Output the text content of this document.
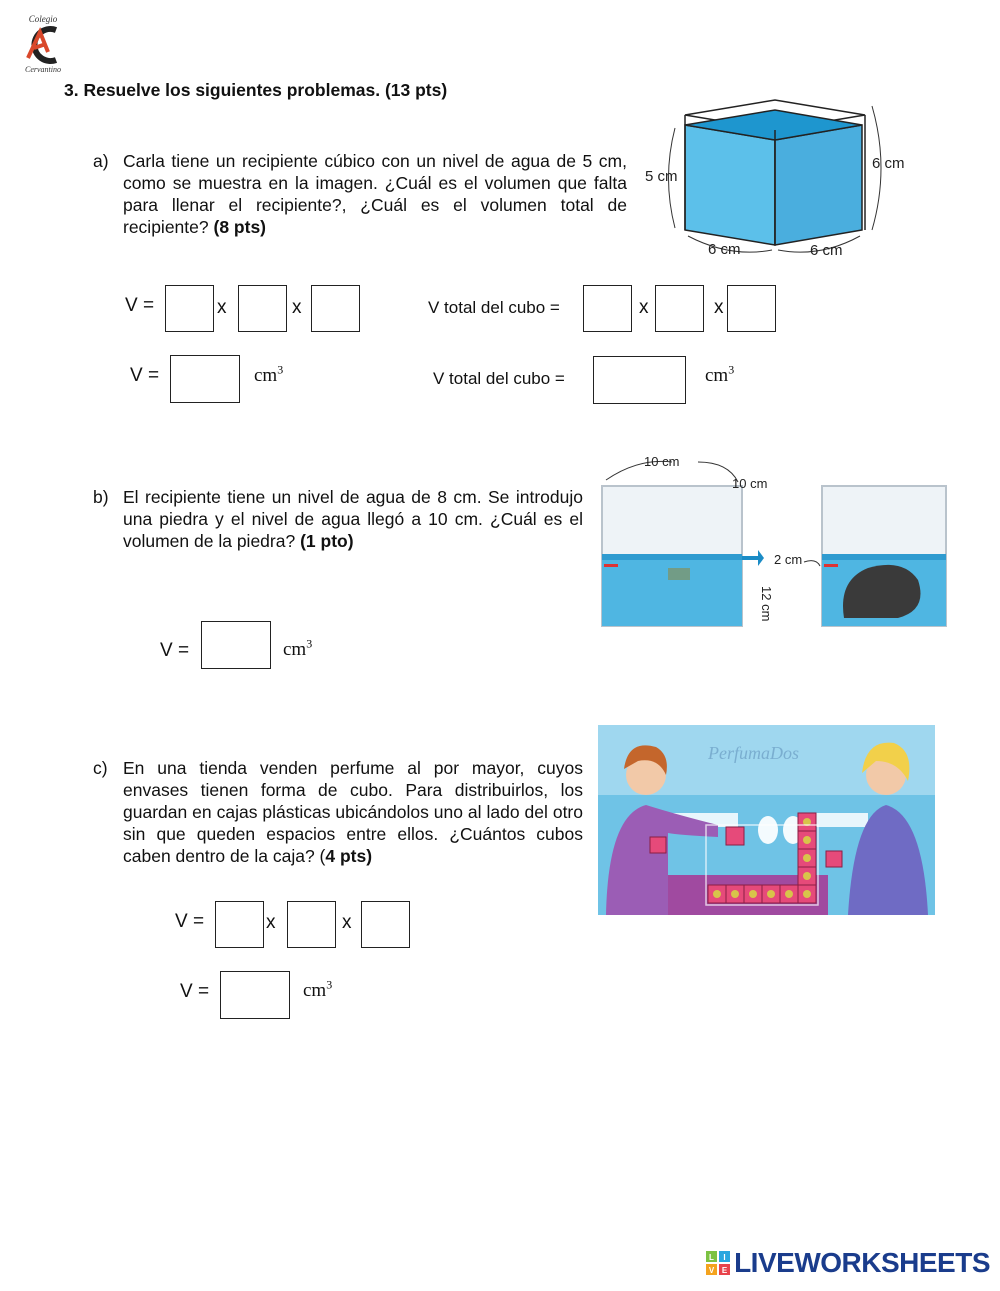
Colegio
Cervantino
3. Resuelve los siguientes problemas. (13 pts)
a) Carla tiene un recipiente cúbico con un nivel de agua de 5 cm, como se muestra en la imagen. ¿Cuál es el volumen que falta para llenar el recipiente?, ¿Cuál es el volumen total de recipiente? (8 pts)
5 cm
6 cm
6 cm	6 cm
V =	x	x	V total del cubo =	x	x
V =	$cm^3$	V total del cubo =	$cm^3$
b) El recipiente tiene un nivel de agua de 8 cm. Se introdujo una piedra y el nivel de agua llegó a 10 cm. ¿Cuál es el volumen de la piedra? (1 pto)
10 cm
10 cm
12 cm
2 cm
V =	$cm^3$
c) En una tienda venden perfume al por mayor, cuyos envases tienen forma de cubo. Para distribuirlos, los guardan en cajas plásticas ubicándolos uno al lado del otro sin que queden espacios entre ellos. ¿Cuántos cubos caben dentro de la caja? (4 pts)
PerfumaDos
V =	x	x
V =	$cm^3$
L I
V E LIVEWORKSHEETS
